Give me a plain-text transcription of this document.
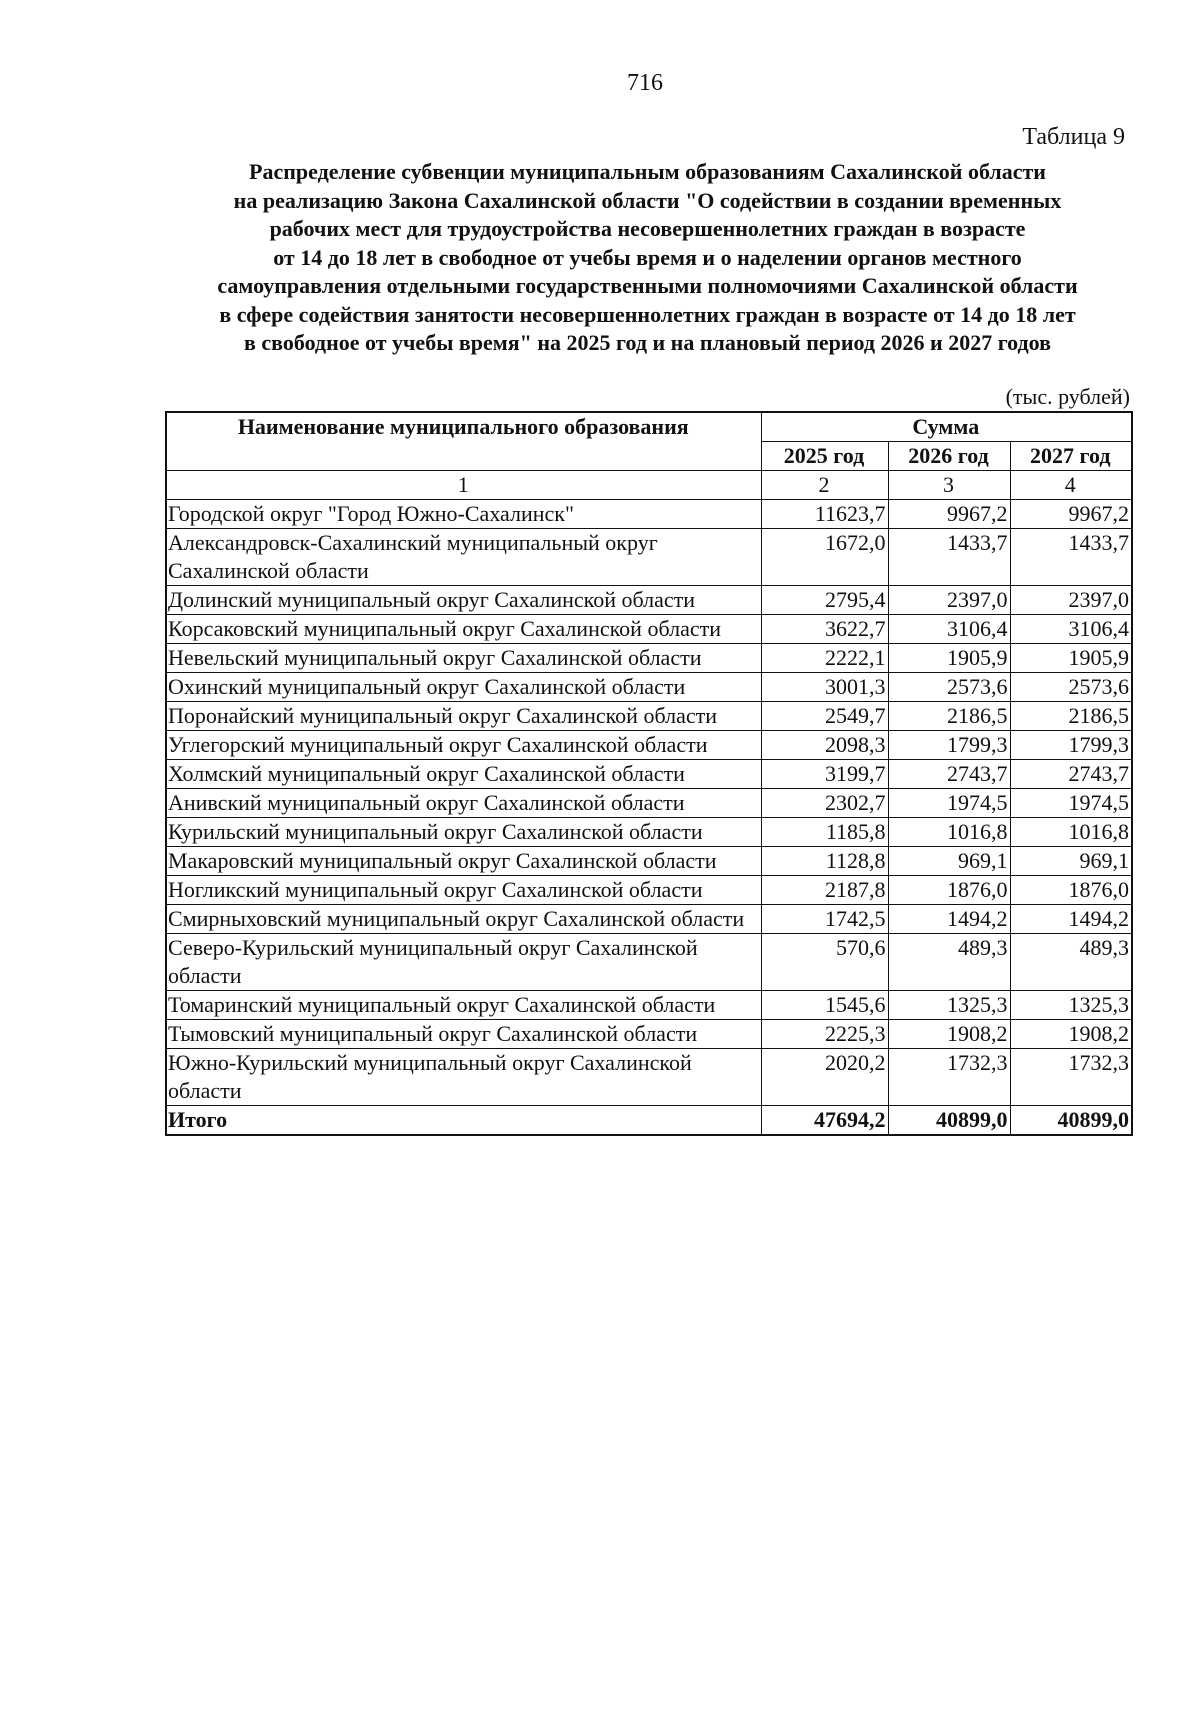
716
Таблица 9
Распределение субвенции муниципальным образованиям Сахалинской области
на реализацию Закона Сахалинской области "О содействии в создании временных
рабочих мест для трудоустройства несовершеннолетних граждан в возрасте
от 14 до 18 лет в свободное от учебы время и о наделении органов местного
самоуправления отдельными государственными полномочиями Сахалинской области
в сфере содействия занятости несовершеннолетних граждан в возрасте от 14 до 18 лет
в свободное от учебы время" на 2025 год и на плановый период 2026 и 2027 годов
(тыс. рублей)
Наименование муниципального образования	Сумма		
	2025 год	2026 год	2027 год
1	2	3	4
Городской округ "Город Южно-Сахалинск"	11623,7	9967,2	9967,2
Александровск-Сахалинский муниципальный округ Сахалинской области	1672,0	1433,7	1433,7
Долинский муниципальный округ Сахалинской области	2795,4	2397,0	2397,0
Корсаковский муниципальный округ Сахалинской области	3622,7	3106,4	3106,4
Невельский муниципальный округ Сахалинской области	2222,1	1905,9	1905,9
Охинский муниципальный округ Сахалинской области	3001,3	2573,6	2573,6
Поронайский муниципальный округ Сахалинской области	2549,7	2186,5	2186,5
Углегорский муниципальный округ Сахалинской области	2098,3	1799,3	1799,3
Холмский муниципальный округ Сахалинской области	3199,7	2743,7	2743,7
Анивский муниципальный округ Сахалинской области	2302,7	1974,5	1974,5
Курильский муниципальный округ Сахалинской области	1185,8	1016,8	1016,8
Макаровский муниципальный округ Сахалинской области	1128,8	969,1	969,1
Ногликский муниципальный округ Сахалинской области	2187,8	1876,0	1876,0
Смирныховский муниципальный округ Сахалинской области	1742,5	1494,2	1494,2
Северо-Курильский муниципальный округ Сахалинской области	570,6	489,3	489,3
Томаринский муниципальный округ Сахалинской области	1545,6	1325,3	1325,3
Тымовский муниципальный округ Сахалинской области	2225,3	1908,2	1908,2
Южно-Курильский муниципальный округ Сахалинской области	2020,2	1732,3	1732,3
Итого	47694,2	40899,0	40899,0
